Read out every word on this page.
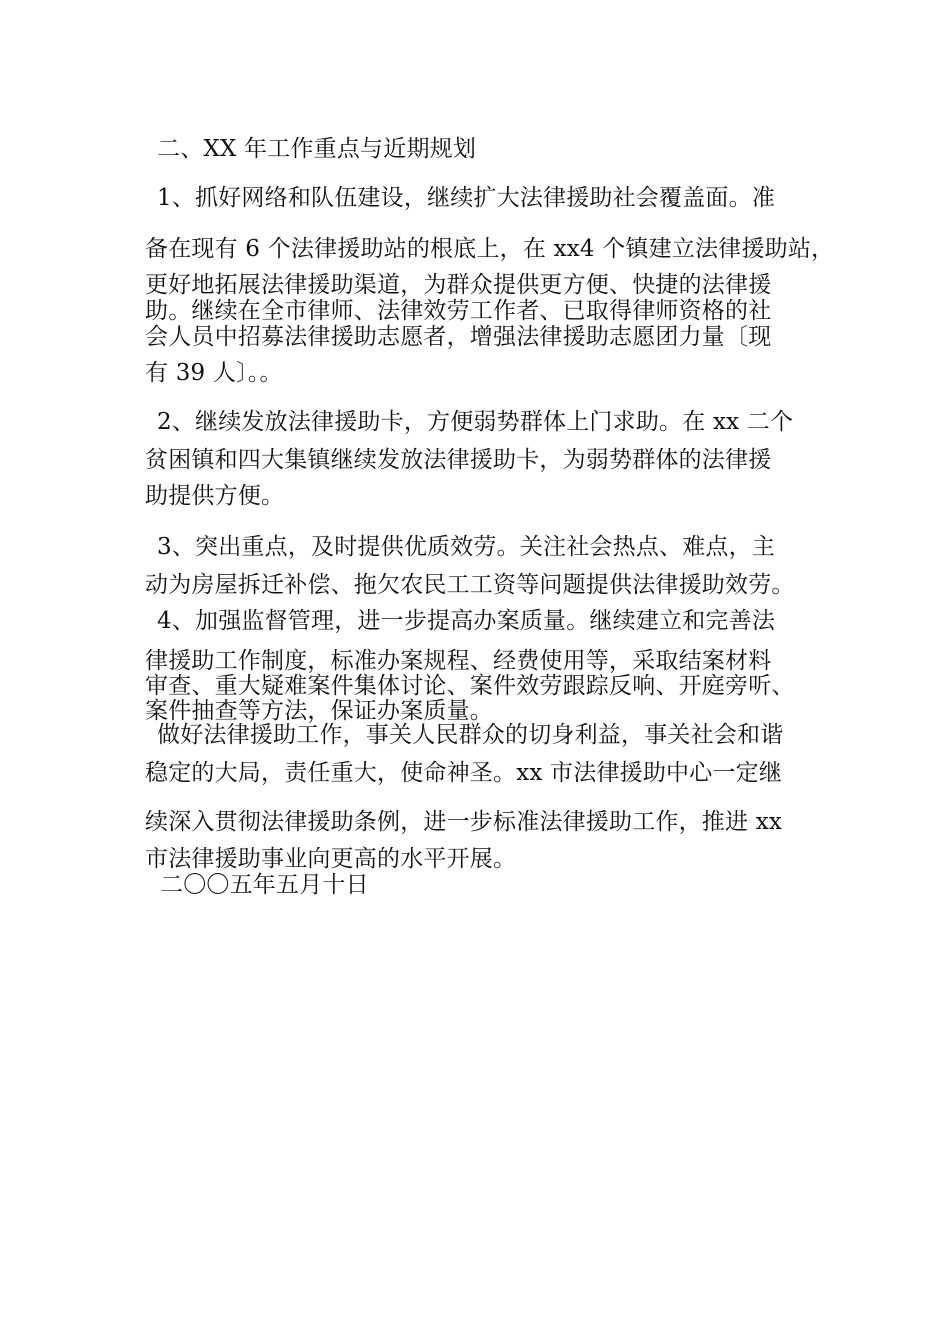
二、XX 年工作重点与近期规划
1、抓好网络和队伍建设，继续扩大法律援助社会覆盖面。准
备在现有 6 个法律援助站的根底上，在 xx4 个镇建立法律援助站，
更好地拓展法律援助渠道，为群众提供更方便、快捷的法律援
助。继续在全市律师、法律效劳工作者、已取得律师资格的社
会人员中招募法律援助志愿者，增强法律援助志愿团力量〔现
有 39 人〕。。
2、继续发放法律援助卡，方便弱势群体上门求助。在 xx 二个
贫困镇和四大集镇继续发放法律援助卡，为弱势群体的法律援
助提供方便。
3、突出重点，及时提供优质效劳。关注社会热点、难点，主
动为房屋拆迁补偿、拖欠农民工工资等问题提供法律援助效劳。
4、加强监督管理，进一步提高办案质量。继续建立和完善法
律援助工作制度，标准办案规程、经费使用等，采取结案材料
审查、重大疑难案件集体讨论、案件效劳跟踪反响、开庭旁听、
案件抽查等方法，保证办案质量。
做好法律援助工作，事关人民群众的切身利益，事关社会和谐
稳定的大局，责任重大，使命神圣。xx 市法律援助中心一定继
续深入贯彻法律援助条例，进一步标准法律援助工作，推进 xx
市法律援助事业向更高的水平开展。
二〇〇五年五月十日
